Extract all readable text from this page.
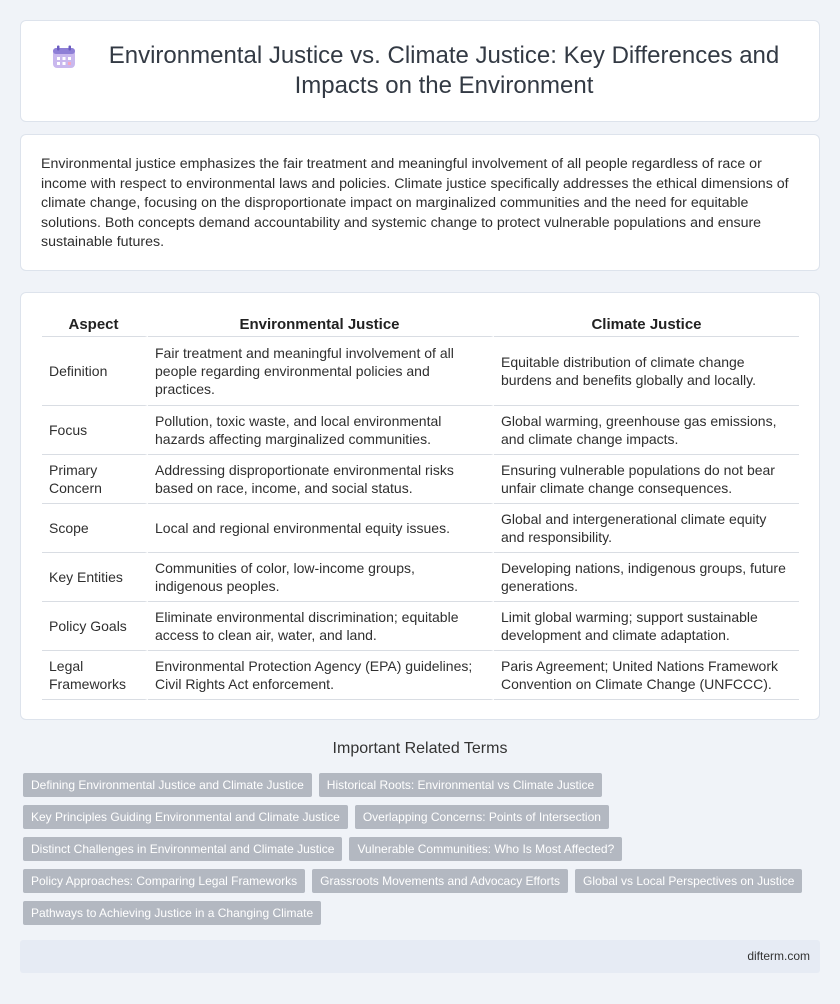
Environmental Justice vs. Climate Justice: Key Differences and Impacts on the Environment

Environmental justice emphasizes the fair treatment and meaningful involvement of all people regardless of race or income with respect to environmental laws and policies. Climate justice specifically addresses the ethical dimensions of climate change, focusing on the disproportionate impact on marginalized communities and the need for equitable solutions. Both concepts demand accountability and systemic change to protect vulnerable populations and ensure sustainable futures.

Aspect	Environmental Justice	Climate Justice
Definition	Fair treatment and meaningful involvement of all people regarding environmental policies and practices.	Equitable distribution of climate change burdens and benefits globally and locally.
Focus	Pollution, toxic waste, and local environmental hazards affecting marginalized communities.	Global warming, greenhouse gas emissions, and climate change impacts.
Primary Concern	Addressing disproportionate environmental risks based on race, income, and social status.	Ensuring vulnerable populations do not bear unfair climate change consequences.
Scope	Local and regional environmental equity issues.	Global and intergenerational climate equity and responsibility.
Key Entities	Communities of color, low-income groups, indigenous peoples.	Developing nations, indigenous groups, future generations.
Policy Goals	Eliminate environmental discrimination; equitable access to clean air, water, and land.	Limit global warming; support sustainable development and climate adaptation.
Legal Frameworks	Environmental Protection Agency (EPA) guidelines; Civil Rights Act enforcement.	Paris Agreement; United Nations Framework Convention on Climate Change (UNFCCC).
Important Related Terms
Defining Environmental Justice and Climate Justice	Historical Roots: Environmental vs Climate Justice
Key Principles Guiding Environmental and Climate Justice	Overlapping Concerns: Points of Intersection
Distinct Challenges in Environmental and Climate Justice	Vulnerable Communities: Who Is Most Affected?
Policy Approaches: Comparing Legal Frameworks	Grassroots Movements and Advocacy Efforts	Global vs Local Perspectives on Justice
Pathways to Achieving Justice in a Changing Climate
difterm.com
